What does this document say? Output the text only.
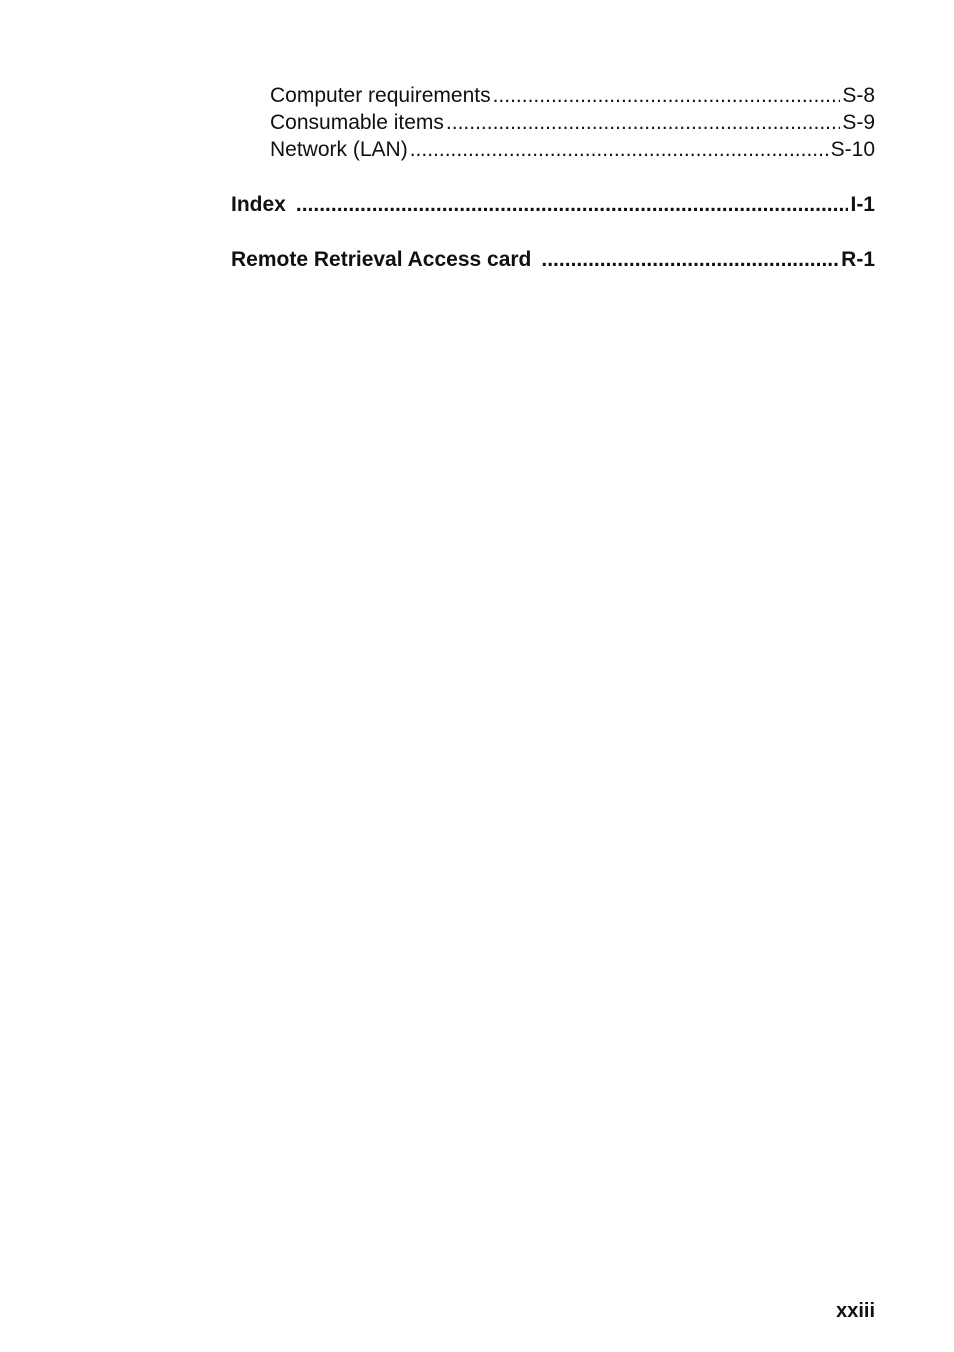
Computer requirements .....	S-8
Consumable items .....	S-9
Network (LAN) .....	S-10
Index .....	I-1
Remote Retrieval Access card .....	R-1
xxiii
